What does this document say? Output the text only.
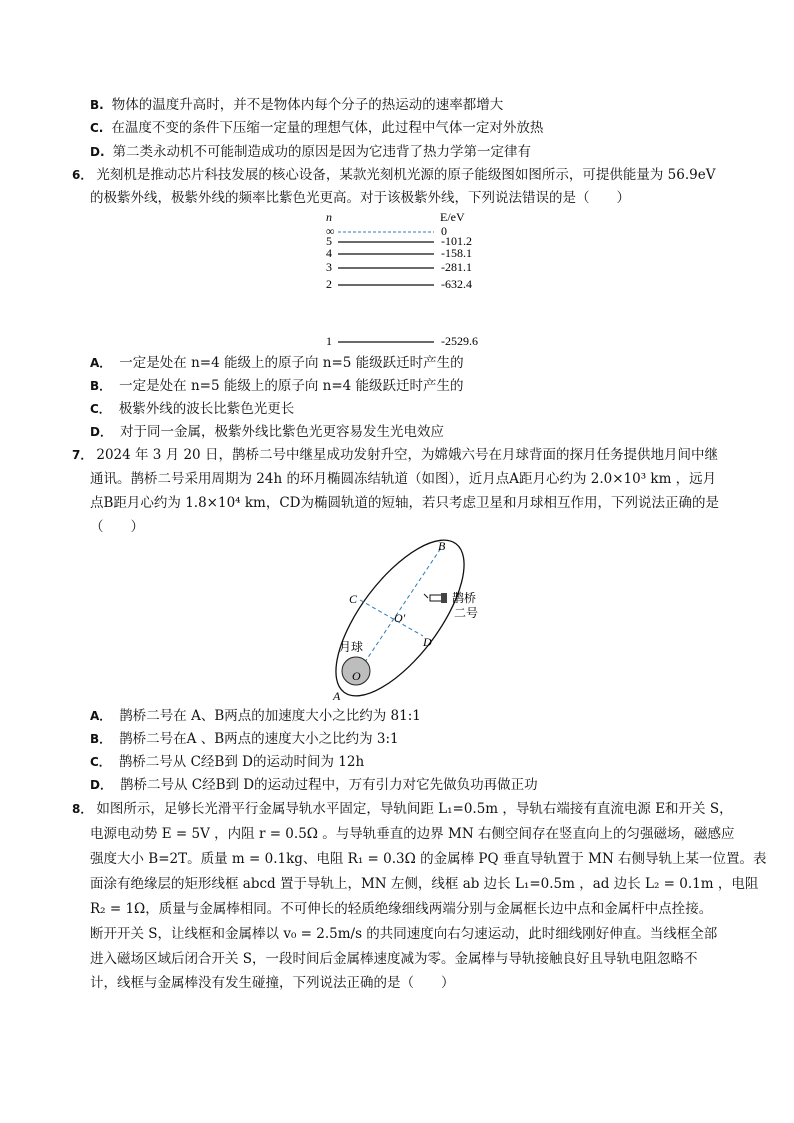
B. 物体的温度升高时，并不是物体内每个分子的热运动的速率都增大
C. 在温度不变的条件下压缩一定量的理想气体，此过程中气体一定对外放热
D. 第二类永动机不可能制造成功的原因是因为它违背了热力学第一定律有
6． 光刻机是推动芯片科技发展的核心设备，某款光刻机光源的原子能级图如图所示，可提供能量为 56.9eV
的极紫外线，极紫外线的频率比紫色光更高。对于该极紫外线，下列说法错误的是（　　）
n	E/eV
∞	0
5	-101.2
4	-158.1
3	-281.1
2	-632.4
1	-2529.6
A． 一定是处在 n=4 能级上的原子向 n=5 能级跃迁时产生的
B． 一定是处在 n=5 能级上的原子向 n=4 能级跃迁时产生的
C． 极紫外线的波长比紫色光更长
D． 对于同一金属，极紫外线比紫色光更容易发生光电效应
7． 2024 年 3 月 20 日，鹊桥二号中继星成功发射升空，为嫦娥六号在月球背面的探月任务提供地月间中继
通讯。鹊桥二号采用周期为 24h 的环月椭圆冻结轨道（如图），近月点A距月心约为 2.0×10³ km ，远月
点B距月心约为 1.8×10⁴ km，CD为椭圆轨道的短轴，若只考虑卫星和月球相互作用，下列说法正确的是
（　　）
B
C
O′
D
A
O
月球
鹊桥
二号
A． 鹊桥二号在 A、B两点的加速度大小之比约为 81:1
B． 鹊桥二号在A 、B两点的速度大小之比约为 3:1
C． 鹊桥二号从 C经B到 D的运动时间为 12h
D． 鹊桥二号从 C经B到 D的运动过程中，万有引力对它先做负功再做正功
8． 如图所示，足够长光滑平行金属导轨水平固定，导轨间距 L₁=0.5m ，导轨右端接有直流电源 E和开关 S，
电源电动势 E = 5V ，内阻 r = 0.5Ω 。与导轨垂直的边界 MN 右侧空间存在竖直向上的匀强磁场，磁感应
强度大小 B=2T。质量 m = 0.1kg、电阻 R₁ = 0.3Ω 的金属棒 PQ 垂直导轨置于 MN 右侧导轨上某一位置。表
面涂有绝缘层的矩形线框 abcd 置于导轨上，MN 左侧，线框 ab 边长 L₁=0.5m ，ad 边长 L₂ = 0.1m ，电阻
R₂ = 1Ω，质量与金属棒相同。不可伸长的轻质绝缘细线两端分别与金属框长边中点和金属杆中点拴接。
断开开关 S，让线框和金属棒以 v₀ = 2.5m/s 的共同速度向右匀速运动，此时细线刚好伸直。当线框全部
进入磁场区域后闭合开关 S，一段时间后金属棒速度减为零。金属棒与导轨接触良好且导轨电阻忽略不
计，线框与金属棒没有发生碰撞，下列说法正确的是（　　）
